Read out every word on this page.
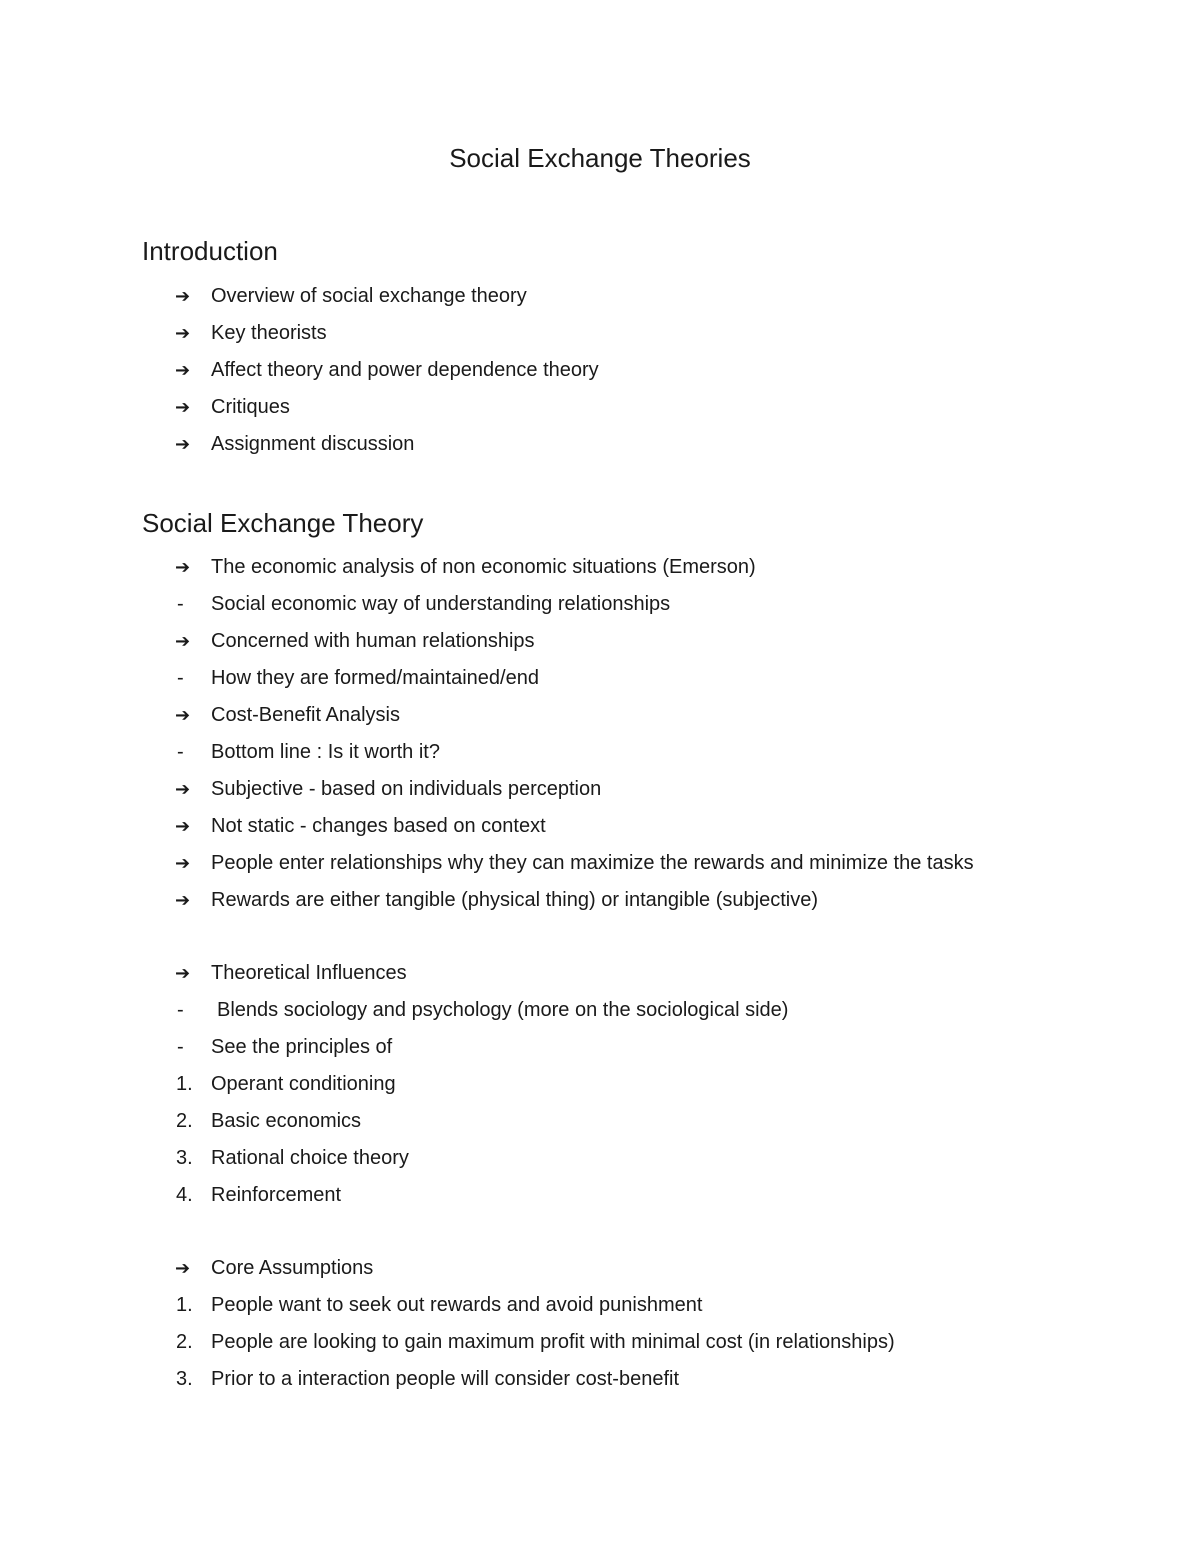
Social Exchange Theories
Introduction
➔	Overview of social exchange theory
➔	Key theorists
➔	Affect theory and power dependence theory
➔	Critiques
➔	Assignment discussion
Social Exchange Theory
➔	The economic analysis of non economic situations (Emerson)
-	Social economic way of understanding relationships
➔	Concerned with human relationships
-	How they are formed/maintained/end
➔	Cost-Benefit Analysis
-	Bottom line : Is it worth it?
➔	Subjective - based on individuals perception
➔	Not static - changes based on context
➔	People enter relationships why they can maximize the rewards and minimize the tasks
➔	Rewards are either tangible (physical thing) or intangible (subjective)
➔	Theoretical Influences
-	Blends sociology and psychology (more on the sociological side)
-	See the principles of
1. Operant conditioning
2. Basic economics
3. Rational choice theory
4. Reinforcement
➔	Core Assumptions
1. People want to seek out rewards and avoid punishment
2. People are looking to gain maximum profit with minimal cost (in relationships)
3. Prior to a interaction people will consider cost-benefit
